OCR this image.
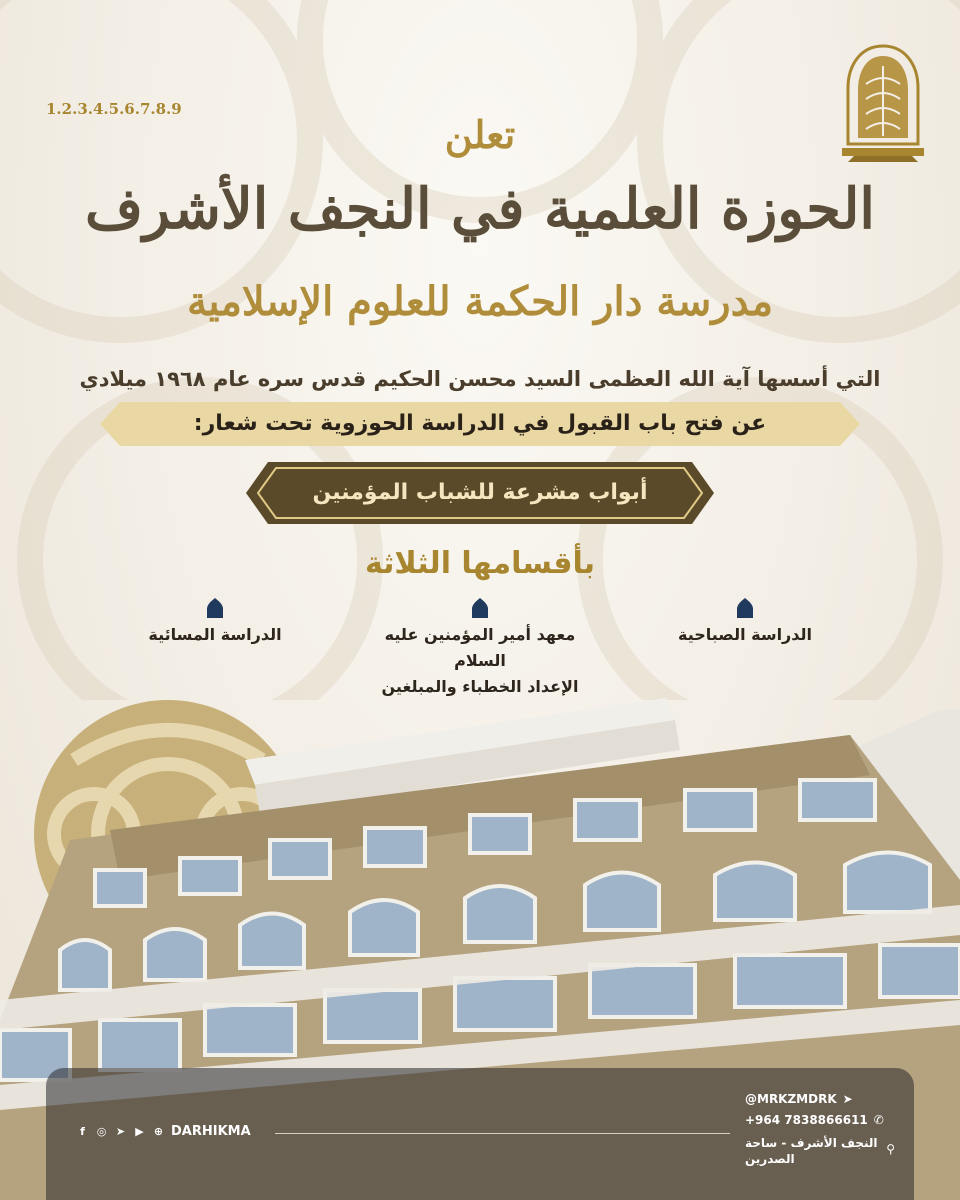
1.2.3.4.5.6.7.8.9
تعلن
الحوزة العلمية في النجف الأشرف
مدرسة دار الحكمة للعلوم الإسلامية
التي أسسها آية الله العظمى السيد محسن الحكيم قدس سره عام ١٩٦٨ ميلادي
عن فتح باب القبول في الدراسة الحوزوية تحت شعار:
أبواب مشرعة للشباب المؤمنين
بأقسامها الثلاثة
الدراسة الصباحية
معهد أمير المؤمنين عليه السلام
الإعداد الخطباء والمبلغين
الدراسة المسائية
f	◎ ➤ ▶ ⊕ DARHIKMA
@MRKZMDRK ➤
+964 7838866611 ✆
النجف الأشرف - ساحة الصدرين
⚲
